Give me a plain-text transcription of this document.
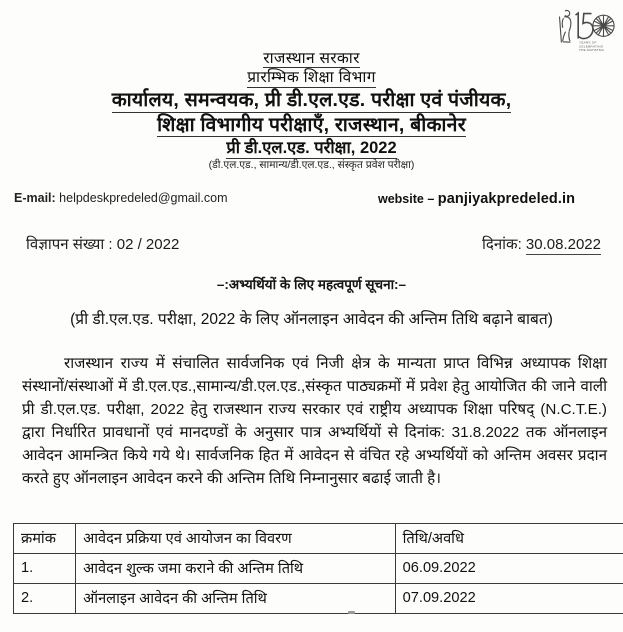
YEARS OF
CELEBRATING
THE MAHATMA
राजस्थान सरकार
प्रारम्भिक शिक्षा विभाग
कार्यालय, समन्वयक, प्री डी.एल.एड. परीक्षा एवं पंजीयक,
शिक्षा विभागीय परीक्षाएँ, राजस्थान, बीकानेर
प्री डी.एल.एड. परीक्षा, 2022
(डी.एल.एड., सामान्य/डी.एल.एड., संस्कृत प्रवेश परीक्षा)
E-mail: helpdeskpredeled@gmail.com	website – panjiyakpredeled.in
विज्ञापन संख्या : 02 / 2022	दिनांक: 30.08.2022
–:अभ्यर्थियों के लिए महत्वपूर्ण सूचना:–
(प्री डी.एल.एड. परीक्षा, 2022 के लिए ऑनलाइन आवेदन की अन्तिम तिथि बढ़ाने बाबत)
राजस्थान राज्य में संचालित सार्वजनिक एवं निजी क्षेत्र के मान्यता प्राप्त विभिन्न अध्यापक शिक्षा संस्थानों/संस्थाओं में डी.एल.एड.,सामान्य/डी.एल.एड.,संस्कृत पाठ्यक्रमों में प्रवेश हेतु आयोजित की जाने वाली प्री डी.एल.एड. परीक्षा, 2022 हेतु राजस्थान राज्य सरकार एवं राष्ट्रीय अध्यापक शिक्षा परिषद् (N.C.T.E.) द्वारा निर्धारित प्रावधानों एवं मानदण्डों के अनुसार पात्र अभ्यर्थियों से दिनांक: 31.8.2022 तक ऑनलाइन आवेदन आमन्त्रित किये गये थे। सार्वजनिक हित में आवेदन से वंचित रहे अभ्यर्थियों को अन्तिम अवसर प्रदान करते हुए ऑनलाइन आवेदन करने की अन्तिम तिथि निम्नानुसार बढाई जाती है।
क्रमांक	आवेदन प्रक्रिया एवं आयोजन का विवरण	तिथि/अवधि
1.	आवेदन शुल्क जमा कराने की अन्तिम तिथि	06.09.2022
2.	ऑनलाइन आवेदन की अन्तिम तिथि	07.09.2022
